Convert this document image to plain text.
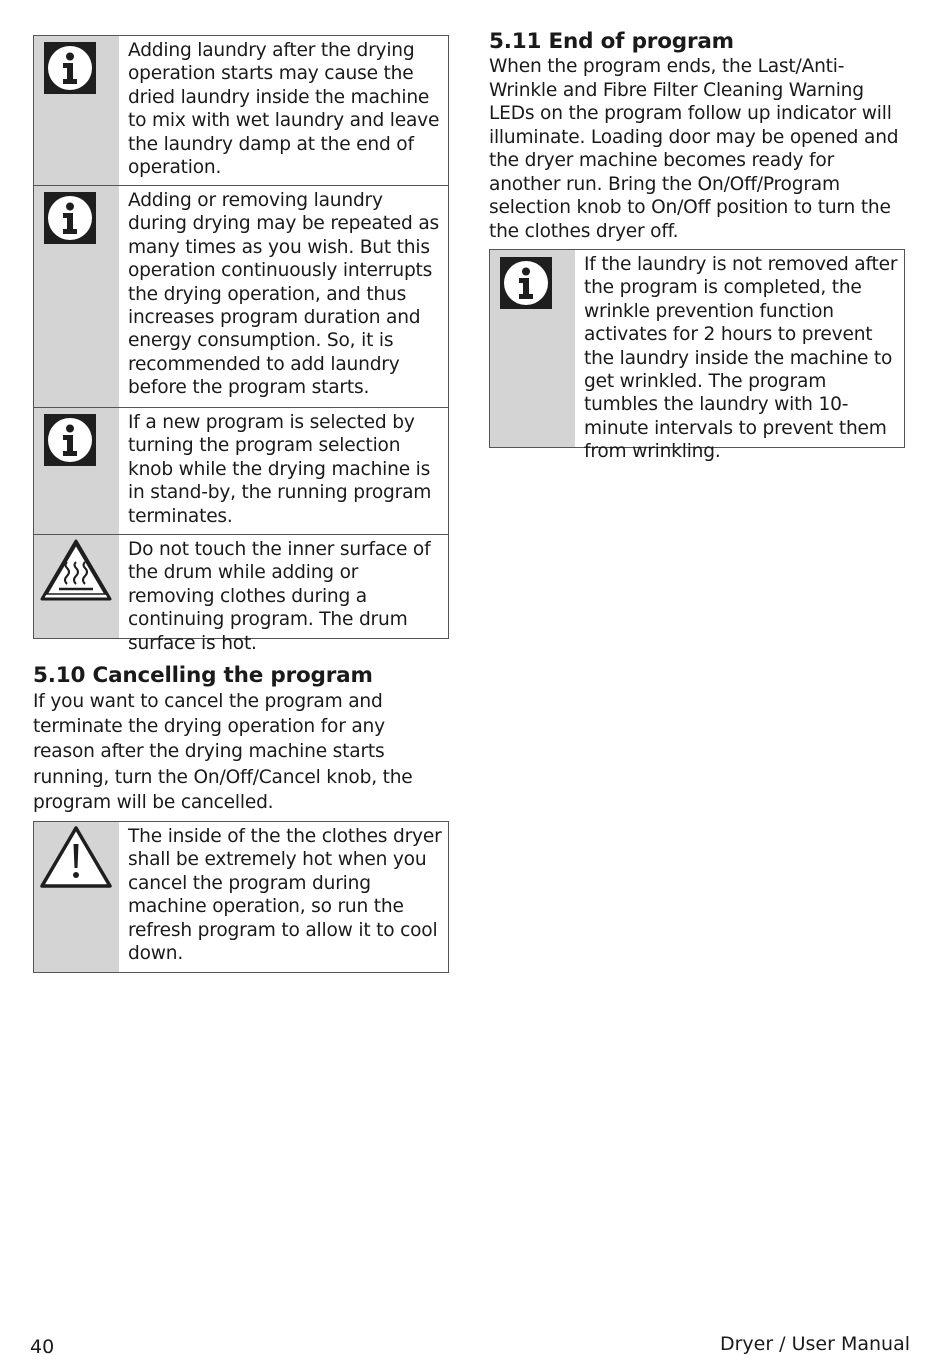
Adding laundry after the drying operation starts may cause the dried laundry inside the machine to mix with wet laundry and leave the laundry damp at the end of operation.
Adding or removing laundry during drying may be repeated as many times as you wish. But this operation continuously interrupts the drying operation, and thus increases program duration and energy consumption. So, it is recommended to add laundry before the program starts.
If a new program is selected by turning the program selection knob while the drying machine is in stand-by, the running program terminates.
Do not touch the inner surface of the drum while adding or removing clothes during a continuing program. The drum surface is hot.
5.10 Cancelling the program

If you want to cancel the program and terminate the drying operation for any reason after the drying machine starts running, turn the On/Off/Cancel knob, the program will be cancelled.

The inside of the the clothes dryer shall be extremely hot when you cancel the program during machine operation, so run the refresh program to allow it to cool down.
5.11 End of program

When the program ends, the Last/Anti-Wrinkle and Fibre Filter Cleaning Warning LEDs on the program follow up indicator will illuminate. Loading door may be opened and the dryer machine becomes ready for another run. Bring the On/Off/Program selection knob to On/Off position to turn the the clothes dryer off.

If the laundry is not removed after the program is completed, the wrinkle prevention function activates for 2 hours to prevent the laundry inside the machine to get wrinkled. The program tumbles the laundry with 10-minute intervals to prevent them from wrinkling.
40	Dryer / User Manual
